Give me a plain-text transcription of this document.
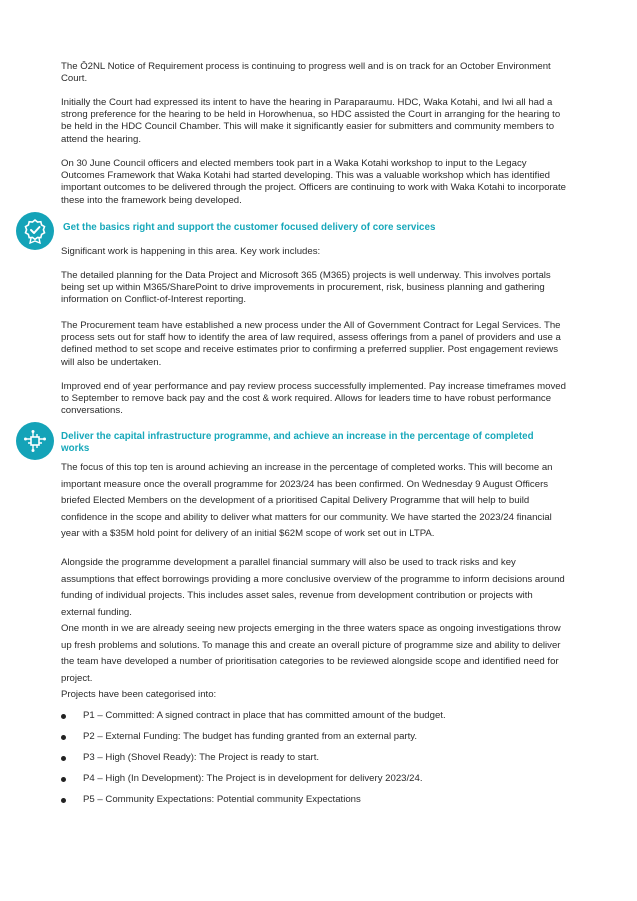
The Ō2NL Notice of Requirement process is continuing to progress well and is on track for an October Environment Court.
Initially the Court had expressed its intent to have the hearing in Paraparaumu. HDC, Waka Kotahi, and Iwi all had a strong preference for the hearing to be held in Horowhenua, so HDC assisted the Court in arranging for the hearing to be held in the HDC Council Chamber. This will make it significantly easier for submitters and community members to attend the hearing.
On 30 June Council officers and elected members took part in a Waka Kotahi workshop to input to the Legacy Outcomes Framework that Waka Kotahi had started developing. This was a valuable workshop which has identified important outcomes to be delivered through the project. Officers are continuing to work with Waka Kotahi to incorporate these into the framework being developed.
Get the basics right and support the customer focused delivery of core services
Significant work is happening in this area. Key work includes:
The detailed planning for the Data Project and Microsoft 365 (M365) projects is well underway. This involves portals being set up within M365/SharePoint to drive improvements in procurement, risk, business planning and gathering information on Conflict-of-Interest reporting.
The Procurement team have established a new process under the All of Government Contract for Legal Services. The process sets out for staff how to identify the area of law required, assess offerings from a panel of providers and use a defined method to set scope and receive estimates prior to confirming a preferred supplier. Post engagement reviews will also be undertaken.
Improved end of year performance and pay review process successfully implemented. Pay increase timeframes moved to September to remove back pay and the cost & work required. Allows for leaders time to have robust performance conversations.
Deliver the capital infrastructure programme, and achieve an increase in the percentage of completed works
The focus of this top ten is around achieving an increase in the percentage of completed works. This will become an important measure once the overall programme for 2023/24 has been confirmed. On Wednesday 9 August Officers briefed Elected Members on the development of a prioritised Capital Delivery Programme that will help to build confidence in the scope and ability to deliver what matters for our community. We have started the 2023/24 financial year with a $35M hold point for delivery of an initial $62M scope of work set out in LTPA.
Alongside the programme development a parallel financial summary will also be used to track risks and key assumptions that effect borrowings providing a more conclusive overview of the programme to inform decisions around funding of individual projects. This includes asset sales, revenue from development contribution or projects with external funding.
One month in we are already seeing new projects emerging in the three waters space as ongoing investigations throw up fresh problems and solutions. To manage this and create an overall picture of programme size and ability to deliver the team have developed a number of prioritisation categories to be reviewed alongside scope and identified need for project.
Projects have been categorised into:
P1 – Committed: A signed contract in place that has committed amount of the budget.
P2 – External Funding: The budget has funding granted from an external party.
P3 – High (Shovel Ready): The Project is ready to start.
P4 – High (In Development): The Project is in development for delivery 2023/24.
P5 – Community Expectations: Potential community Expectations
